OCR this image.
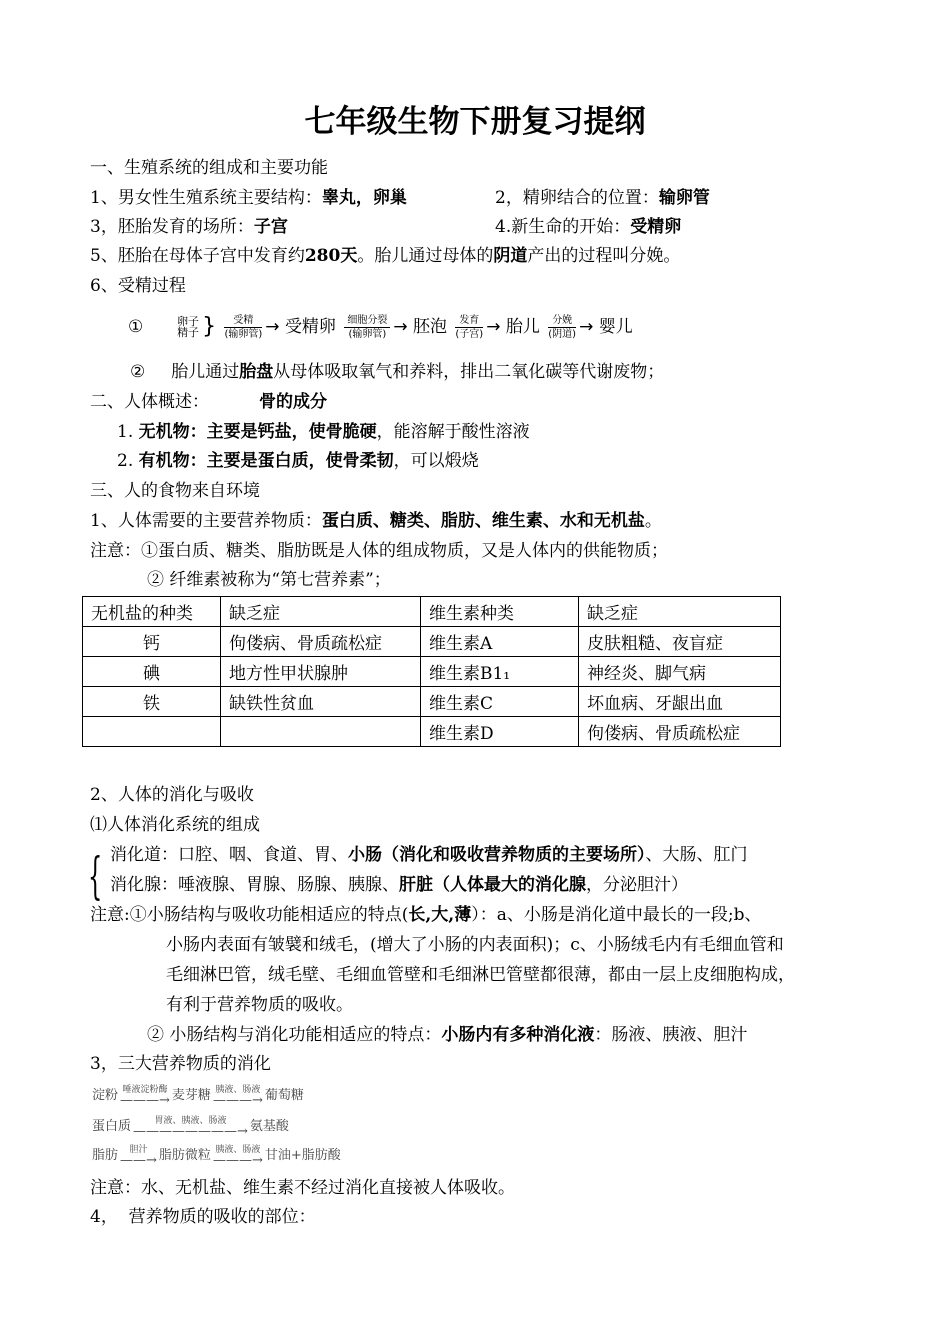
七年级生物下册复习提纲
一、生殖系统的组成和主要功能
1、男女性生殖系统主要结构：睾丸，卵巢	2，精卵结合的位置：输卵管
3，胚胎发育的场所：子宫	4.新生命的开始：受精卵
5、胚胎在母体子宫中发育约280天。胎儿通过母体的阴道产出的过程叫分娩。
6、受精过程
①	卵子
精子 } $\frac{\text{受精}}{\text{(输卵管)}}$ → 受精卵 $\frac{\text{细胞分裂}}{\text{(输卵管)}}$ → 胚泡 $\frac{\text{发育}}{\text{(子宫)}}$ → 胎儿 $\frac{\text{分娩}}{\text{(阴道)}}$ → 婴儿
② 胎儿通过胎盘从母体吸取氧气和养料，排出二氧化碳等代谢废物；
二、人体概述：	骨的成分
1. 无机物：主要是钙盐，使骨脆硬，能溶解于酸性溶液
2. 有机物：主要是蛋白质，使骨柔韧，可以煅烧
三、人的食物来自环境
1、人体需要的主要营养物质：蛋白质、糖类、脂肪、维生素、水和无机盐。
注意：①蛋白质、糖类、脂肪既是人体的组成物质，又是人体内的供能物质；
② 纤维素被称为“第七营养素”；
无机盐的种类	缺乏症	维生素种类	缺乏症
钙	佝偻病、骨质疏松症	维生素A	皮肤粗糙、夜盲症
碘	地方性甲状腺肿	维生素B1₁	神经炎、脚气病
铁	缺铁性贫血	维生素C	坏血病、牙龈出血
		维生素D	佝偻病、骨质疏松症
2、人体的消化与吸收
⑴人体消化系统的组成
{ 消化道：口腔、咽、食道、胃、小肠（消化和吸收营养物质的主要场所）、大肠、肛门
消化腺：唾液腺、胃腺、肠腺、胰腺、肝脏（人体最大的消化腺，分泌胆汁）
注意:①小肠结构与吸收功能相适应的特点(长,大,薄）：a、小肠是消化道中最长的一段;b、
小肠内表面有皱襞和绒毛，(增大了小肠的内表面积)；c、小肠绒毛内有毛细血管和
毛细淋巴管，绒毛壁、毛细血管壁和毛细淋巴管壁都很薄，都由一层上皮细胞构成，
有利于营养物质的吸收。
② 小肠结构与消化功能相适应的特点：小肠内有多种消化液：肠液、胰液、胆汁
3，三大营养物质的消化
淀粉 唾液淀粉酶
———→ 麦芽糖 胰液、肠液
———→ 葡萄糖
蛋白质	胃液、胰液、肠液
————————→ 氨基酸
脂肪	胆汁
——→ 脂肪微粒 胰液、肠液
———→ 甘油+脂肪酸
注意：水、无机盐、维生素不经过消化直接被人体吸收。
4，  营养物质的吸收的部位：
